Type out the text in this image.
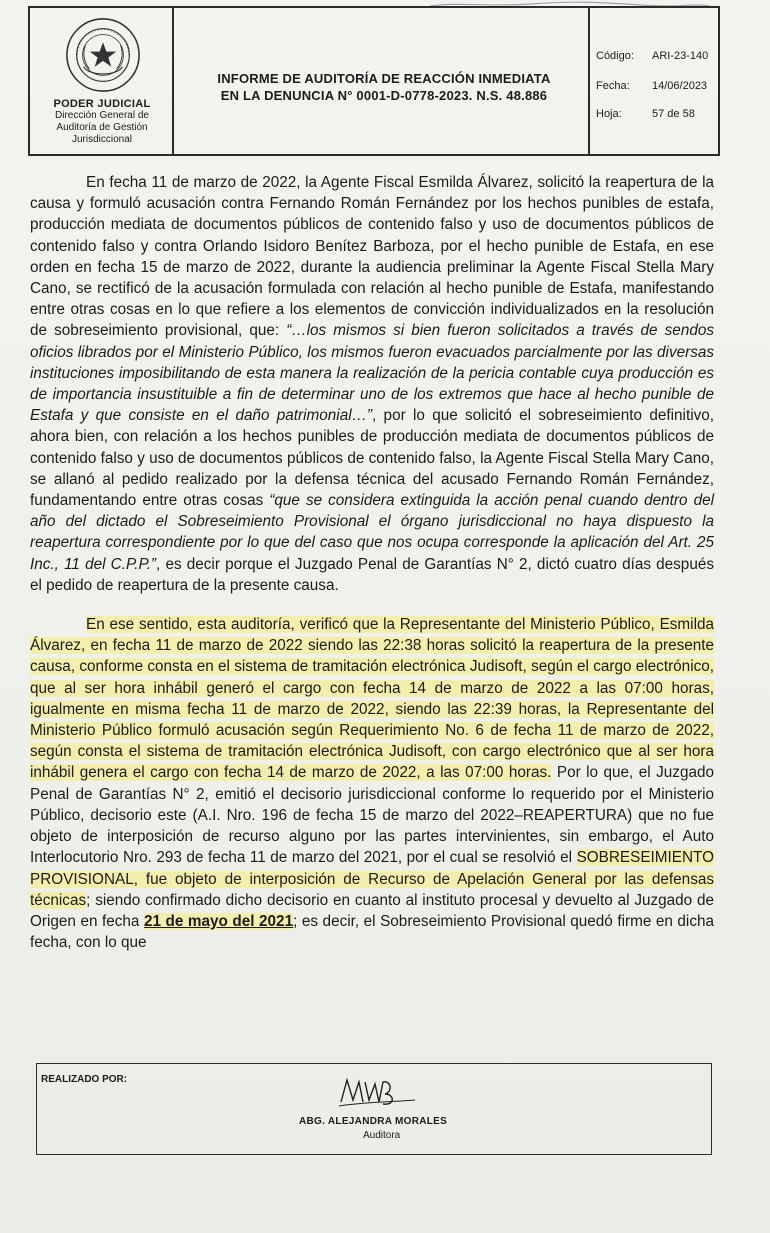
PODER JUDICIAL
Dirección General de
Auditoría de Gestión
Jurisdiccional
INFORME DE AUDITORÍA DE REACCIÓN INMEDIATA
EN LA DENUNCIA N° 0001-D-0778-2023. N.S. 48.886
Código: ARI-23-140
Fecha: 14/06/2023
Hoja:	57 de 58

En fecha 11 de marzo de 2022, la Agente Fiscal Esmilda Álvarez, solicitó la reapertura de la causa y formuló acusación contra Fernando Román Fernández por los hechos punibles de estafa, producción mediata de documentos públicos de contenido falso y uso de documentos públicos de contenido falso y contra Orlando Isidoro Benítez Barboza, por el hecho punible de Estafa, en ese orden en fecha 15 de marzo de 2022, durante la audiencia preliminar la Agente Fiscal Stella Mary Cano, se rectificó de la acusación formulada con relación al hecho punible de Estafa, manifestando entre otras cosas en lo que refiere a los elementos de convicción individualizados en la resolución de sobreseimiento provisional, que: “…los mismos si bien fueron solicitados a través de sendos oficios librados por el Ministerio Público, los mismos fueron evacuados parcialmente por las diversas instituciones imposibilitando de esta manera la realización de la pericia contable cuya producción es de importancia insustituible a fin de determinar uno de los extremos que hace al hecho punible de Estafa y que consiste en el daño patrimonial…”, por lo que solicitó el sobreseimiento definitivo, ahora bien, con relación a los hechos punibles de producción mediata de documentos públicos de contenido falso y uso de documentos públicos de contenido falso, la Agente Fiscal Stella Mary Cano, se allanó al pedido realizado por la defensa técnica del acusado Fernando Román Fernández, fundamentando entre otras cosas “que se considera extinguida la acción penal cuando dentro del año del dictado el Sobreseimiento Provisional el órgano jurisdiccional no haya dispuesto la reapertura correspondiente por lo que del caso que nos ocupa corresponde la aplicación del Art. 25 Inc., 11 del C.P.P.”, es decir porque el Juzgado Penal de Garantías N° 2, dictó cuatro días después el pedido de reapertura de la presente causa.

En ese sentido, esta auditoría, verificó que la Representante del Ministerio Público, Esmilda Álvarez, en fecha 11 de marzo de 2022 siendo las 22:38 horas solicitó la reapertura de la presente causa, conforme consta en el sistema de tramitación electrónica Judisoft, según el cargo electrónico, que al ser hora inhábil generó el cargo con fecha 14 de marzo de 2022 a las 07:00 horas, igualmente en misma fecha 11 de marzo de 2022, siendo las 22:39 horas, la Representante del Ministerio Público formuló acusación según Requerimiento No. 6 de fecha 11 de marzo de 2022, según consta el sistema de tramitación electrónica Judisoft, con cargo electrónico que al ser hora inhábil genera el cargo con fecha 14 de marzo de 2022, a las 07:00 horas. Por lo que, el Juzgado Penal de Garantías N° 2, emitió el decisorio jurisdiccional conforme lo requerido por el Ministerio Público, decisorio este (A.I. Nro. 196 de fecha 15 de marzo del 2022–REAPERTURA) que no fue objeto de interposición de recurso alguno por las partes intervinientes, sin embargo, el Auto Interlocutorio Nro. 293 de fecha 11 de marzo del 2021, por el cual se resolvió el SOBRESEIMIENTO PROVISIONAL, fue objeto de interposición de Recurso de Apelación General por las defensas técnicas; siendo confirmado dicho decisorio en cuanto al instituto procesal y devuelto al Juzgado de Origen en fecha 21 de mayo del 2021; es decir, el Sobreseimiento Provisional quedó firme en dicha fecha, con lo que

REALIZADO POR:
ABG. ALEJANDRA MORALES
Auditora
